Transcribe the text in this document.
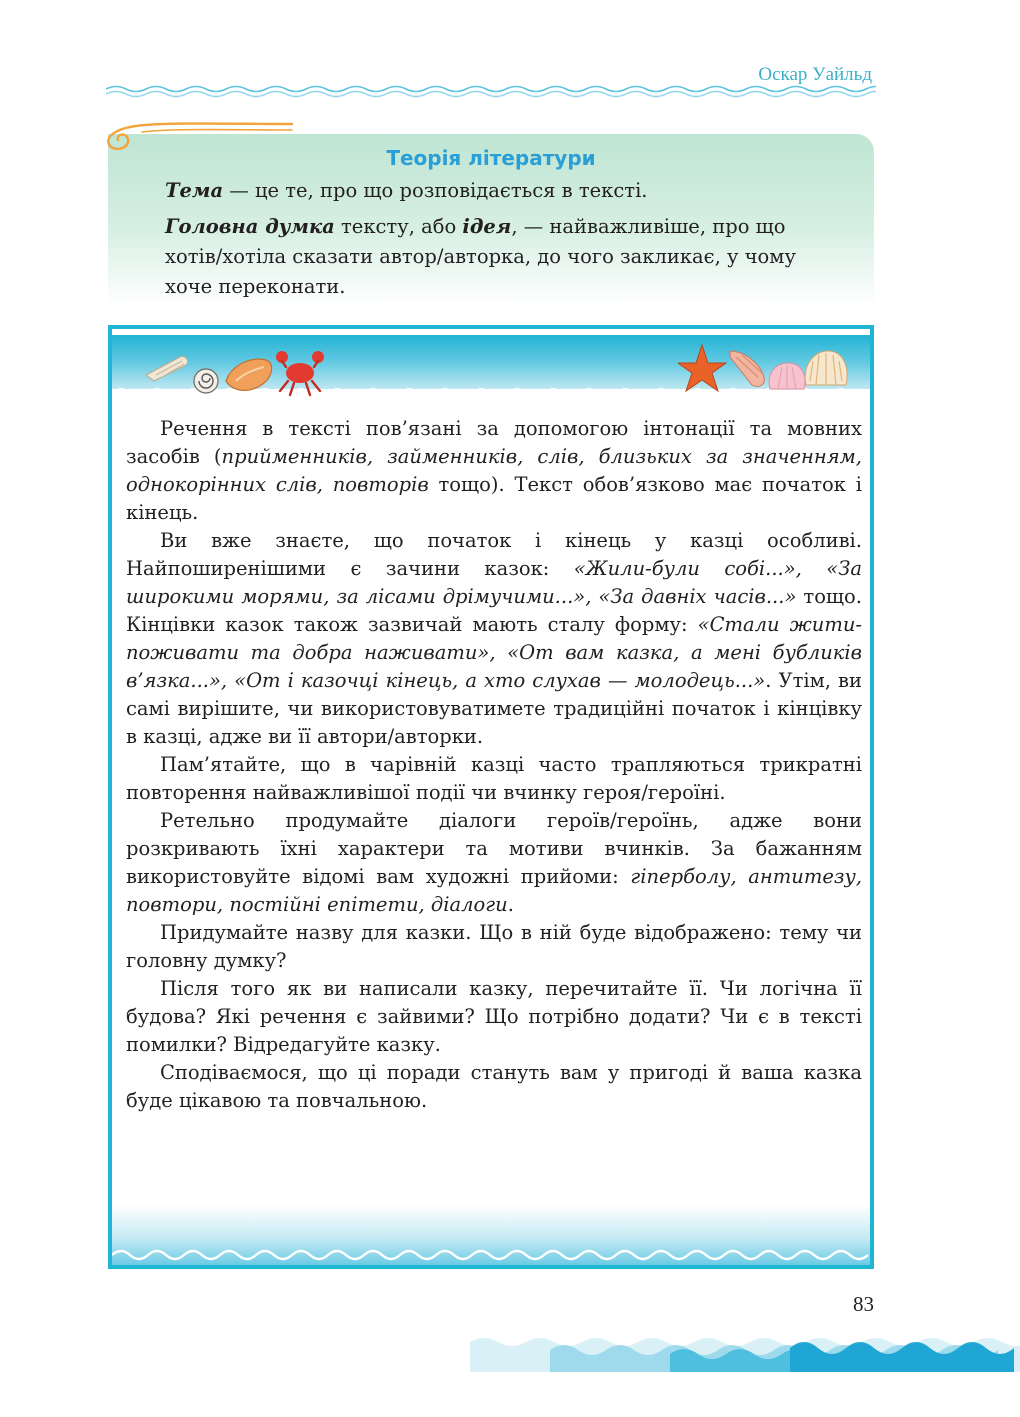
Оскар Уайльд
Теорія літератури

Тема — це те, про що розповідається в тексті.

Головна думка тексту, або ідея, — найважливіше, про що хотів/хотіла сказати автор/авторка, до чого закликає, у чому хоче переконати.

Речення в тексті пов’язані за допомогою інтонації та мовних засобів (прийменників, займенників, слів, близьких за значенням, однокорінних слів, повторів тощо). Текст обов’язково має початок і кінець.

Ви вже знаєте, що початок і кінець у казці особливі. Найпоширенішими є зачини казок: «Жили-були собі...», «За широкими морями, за лісами дрімучими...», «За давніх часів...» тощо. Кінцівки казок також зазвичай мають сталу форму: «Стали жити-поживати та добра наживати», «От вам казка, а мені бубликів в’язка...», «От і казочці кінець, а хто слухав — молодець...». Утім, ви самі вирішите, чи використовуватимете традиційні початок і кінцівку в казці, адже ви її автори/авторки.

Пам’ятайте, що в чарівній казці часто трапляються трикратні повторення найважливішої події чи вчинку героя/героїні.

Ретельно продумайте діалоги героїв/героїнь, адже вони розкривають їхні характери та мотиви вчинків. За бажанням використовуйте відомі вам художні прийоми: гіперболу, антитезу, повтори, постійні епітети, діалоги.

Придумайте назву для казки. Що в ній буде відображено: тему чи головну думку?

Після того як ви написали казку, перечитайте її. Чи логічна її будова? Які речення є зайвими? Що потрібно додати? Чи є в тексті помилки? Відредагуйте казку.

Сподіваємося, що ці поради стануть вам у пригоді й ваша казка буде цікавою та повчальною.

83
